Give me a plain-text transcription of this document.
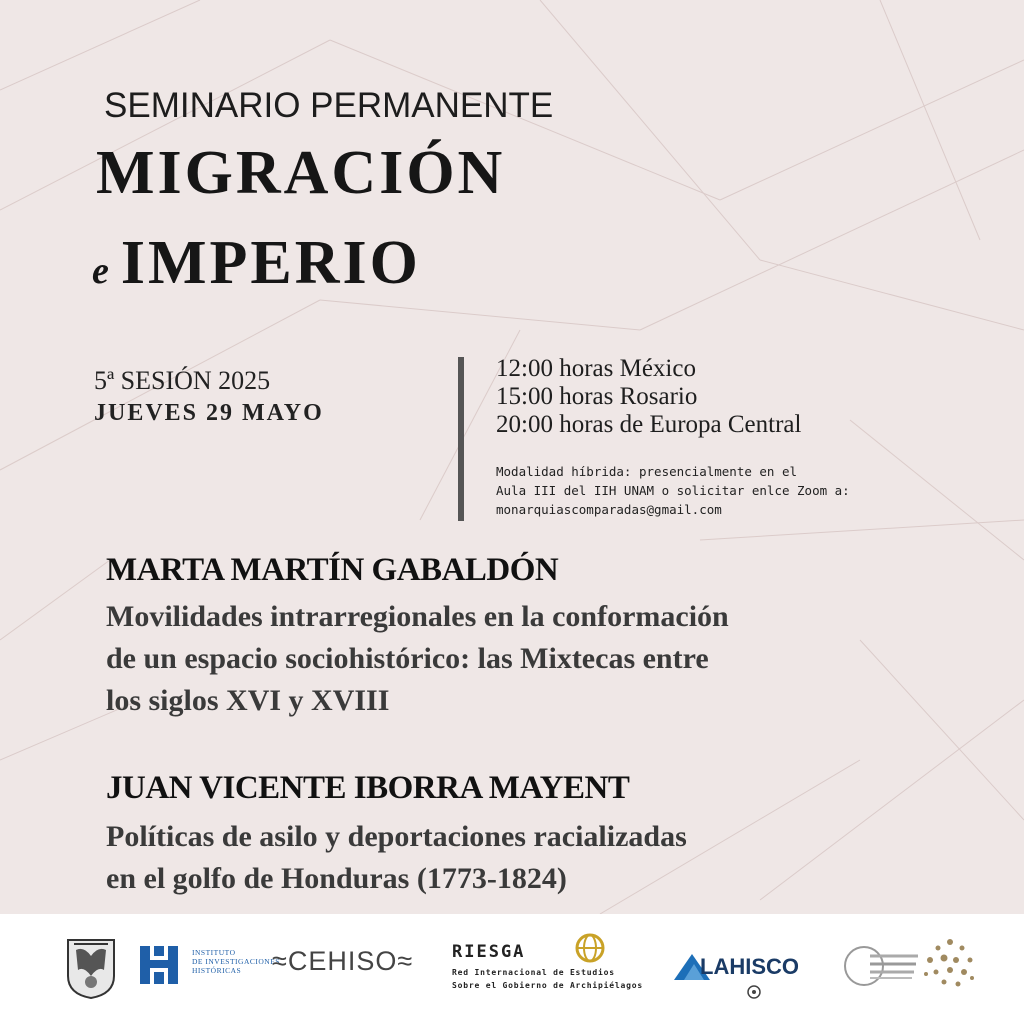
SEMINARIO PERMANENTE

MIGRACIÓN
e IMPERIO

5ª SESIÓN 2025

JUEVES 29 MAYO

12:00 horas México
15:00 horas Rosario
20:00 horas de Europa Central
Modalidad híbrida: presencialmente en el
Aula III del IIH UNAM o solicitar enlce Zoom a:
monarquiascomparadas@gmail.com
MARTA MARTÍN GABALDÓN
Movilidades intrarregionales en la conformación
de un espacio sociohistórico: las Mixtecas entre
los siglos XVI y XVIII
JUAN VICENTE IBORRA MAYENT
Políticas de asilo y deportaciones racializadas
en el golfo de Honduras (1773-1824)
INSTITUTO
DE INVESTIGACIONES
HISTÓRICAS	≈CEHISO≈ RIESGA
Red Internacional de Estudios
Sobre el Gobierno de Archipiélagos
LAHISCO
